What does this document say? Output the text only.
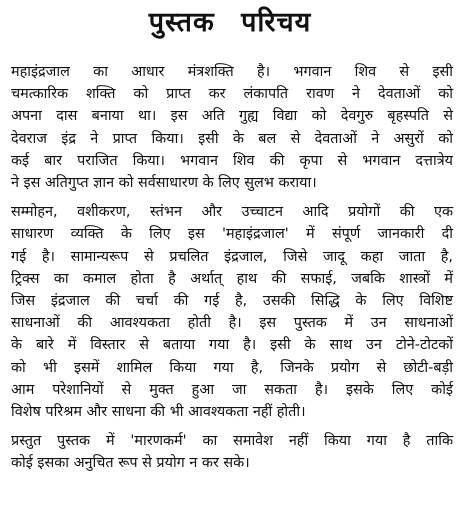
पुस्तक परिचय

महाइंद्रजाल का आधार मंत्रशक्ति है। भगवान शिव से इसी
चमत्कारिक शक्ति को प्राप्त कर लंकापति रावण ने देवताओं को
अपना दास बनाया था। इस अति गुह्य विद्या को देवगुरु बृहस्पति से
देवराज इंद्र ने प्राप्त किया। इसी के बल से देवताओं ने असुरों को
कई बार पराजित किया। भगवान शिव की कृपा से भगवान दत्तात्रेय
ने इस अतिगुप्त ज्ञान को सर्वसाधारण के लिए सुलभ कराया।

सम्मोहन, वशीकरण, स्तंभन और उच्चाटन आदि प्रयोगों की एक
साधारण व्यक्ति के लिए इस 'महाइंद्रजाल' में संपूर्ण जानकारी दी
गई है। सामान्यरूप से प्रचलित इंद्रजाल, जिसे जादू कहा जाता है,
ट्रिक्स का कमाल होता है अर्थात् हाथ की सफाई, जबकि शास्त्रों में
जिस इंद्रजाल की चर्चा की गई है, उसकी सिद्धि के लिए विशिष्ट
साधनाओं की आवश्यकता होती है। इस पुस्तक में उन साधनाओं
के बारे में विस्तार से बताया गया है। इसी के साथ उन टोने-टोटकों
को भी इसमें शामिल किया गया है, जिनके प्रयोग से छोटी-बड़ी
आम परेशानियों से मुक्त हुआ जा सकता है। इसके लिए कोई
विशेष परिश्रम और साधना की भी आवश्यकता नहीं होती।

प्रस्तुत पुस्तक में 'मारणकर्म' का समावेश नहीं किया गया है ताकि
कोई इसका अनुचित रूप से प्रयोग न कर सके।
